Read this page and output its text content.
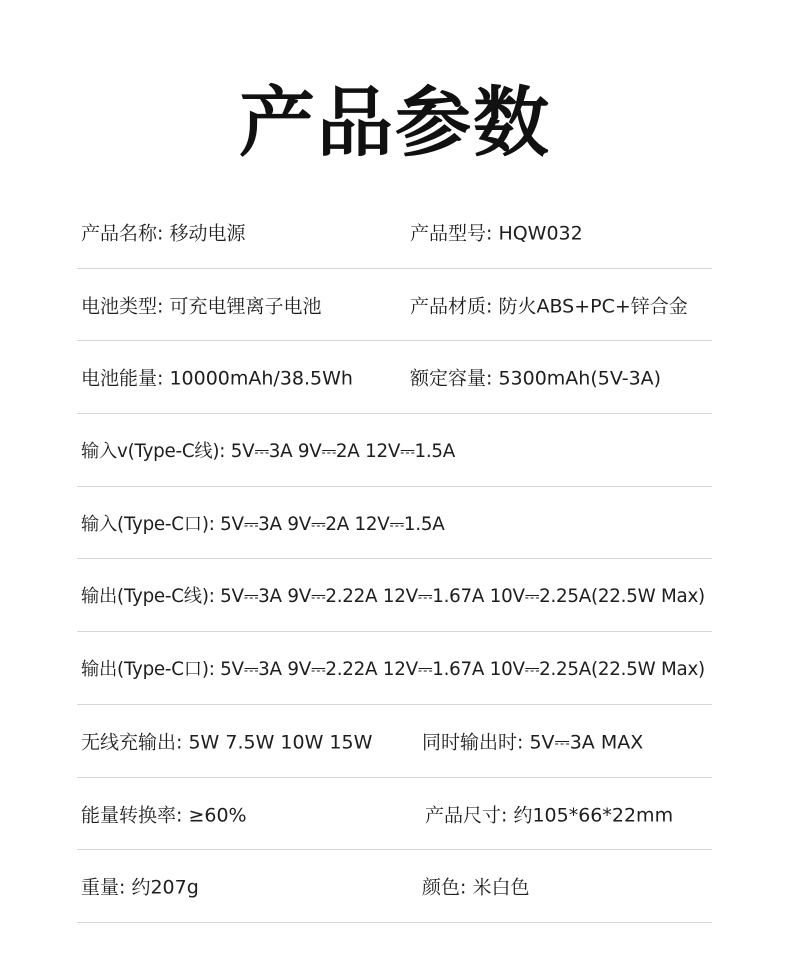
产品参数
产品名称: 移动电源	产品型号: HQW032
电池类型: 可充电锂离子电池	产品材质: 防火ABS+PC+锌合金
电池能量: 10000mAh/38.5Wh	额定容量: 5300mAh(5V-3A)
输入v(Type-C线): 5V⎓3A 9V⎓2A 12V⎓1.5A
输入(Type-C口): 5V⎓3A 9V⎓2A 12V⎓1.5A
输出(Type-C线): 5V⎓3A 9V⎓2.22A 12V⎓1.67A 10V⎓2.25A(22.5W Max)
输出(Type-C口): 5V⎓3A 9V⎓2.22A 12V⎓1.67A 10V⎓2.25A(22.5W Max)
无线充输出: 5W 7.5W 10W 15W	同时输出时: 5V⎓3A MAX
能量转换率: ≥60%	产品尺寸: 约105*66*22mm
重量: 约207g	颜色: 米白色
